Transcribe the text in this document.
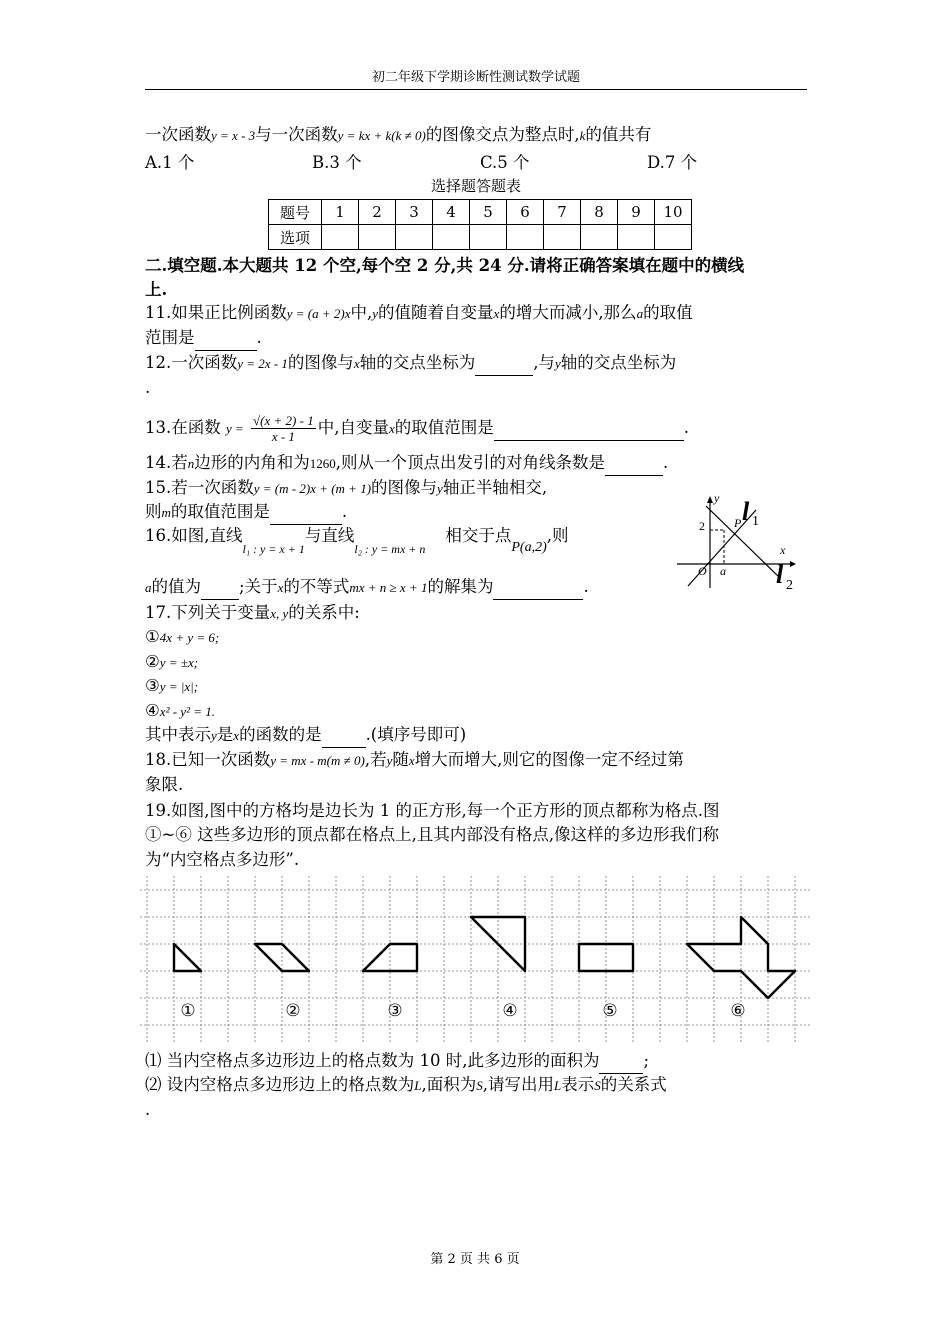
初二年级下学期诊断性测试数学试题
一次函数y = x - 3与一次函数y = kx + k(k ≠ 0)的图像交点为整点时,k的值共有
A.1 个	B.3 个	C.5 个	D.7 个
选择题答题表
题号	1	2	3	4	5	6	7	8	9	10
选项										
二.填空题.本大题共 12 个空,每个空 2 分,共 24 分.请将正确答案填在题中的横线
上.
11.如果正比例函数y = (a + 2)x中,y的值随着自变量x的增大而减小,那么a的取值
范围是	.
12.一次函数y = 2x - 1的图像与x轴的交点坐标为	,与y轴的交点坐标为
.
13.在函数 $y = \frac{√(x + 2) - 1}{x - 1}$ 中,自变量x的取值范围是	.
14.若n边形的内角和为1260,则从一个顶点出发引的对角线条数是	.
15.若一次函数y = (m - 2)x + (m + 1)的图像与y轴正半轴相交,
则m的取值范围是	.
16.如图,直线$_{l_1 : y = x + 1}$与直线$_{l_2 : y = mx + n}$相交于点$_{P(a,2)}$,则
a的值为 ;关于x的不等式mx + n ≥ x + 1的解集为	.
y
x
l 1
l 2
2 P
O a
17.下列关于变量x, y的关系中:
①4x + y = 6;
②y = ±x;
③y = |x|;
④x² - y² = 1.
其中表示y是x的函数的是	.(填序号即可)
18.已知一次函数y = mx - m(m ≠ 0),若y随x增大而增大,则它的图像一定不经过第
象限.
19.如图,图中的方格均是边长为 1 的正方形,每一个正方形的顶点都称为格点.图
①~⑥ 这些多边形的顶点都在格点上,且其内部没有格点,像这样的多边形我们称
为“内空格点多边形”.
①	②	③	④	⑤	⑥
⑴ 当内空格点多边形边上的格点数为 10 时,此多边形的面积为	;
⑵ 设内空格点多边形边上的格点数为L,面积为S,请写出用L表示S的关系式
.
第 2 页 共 6 页
